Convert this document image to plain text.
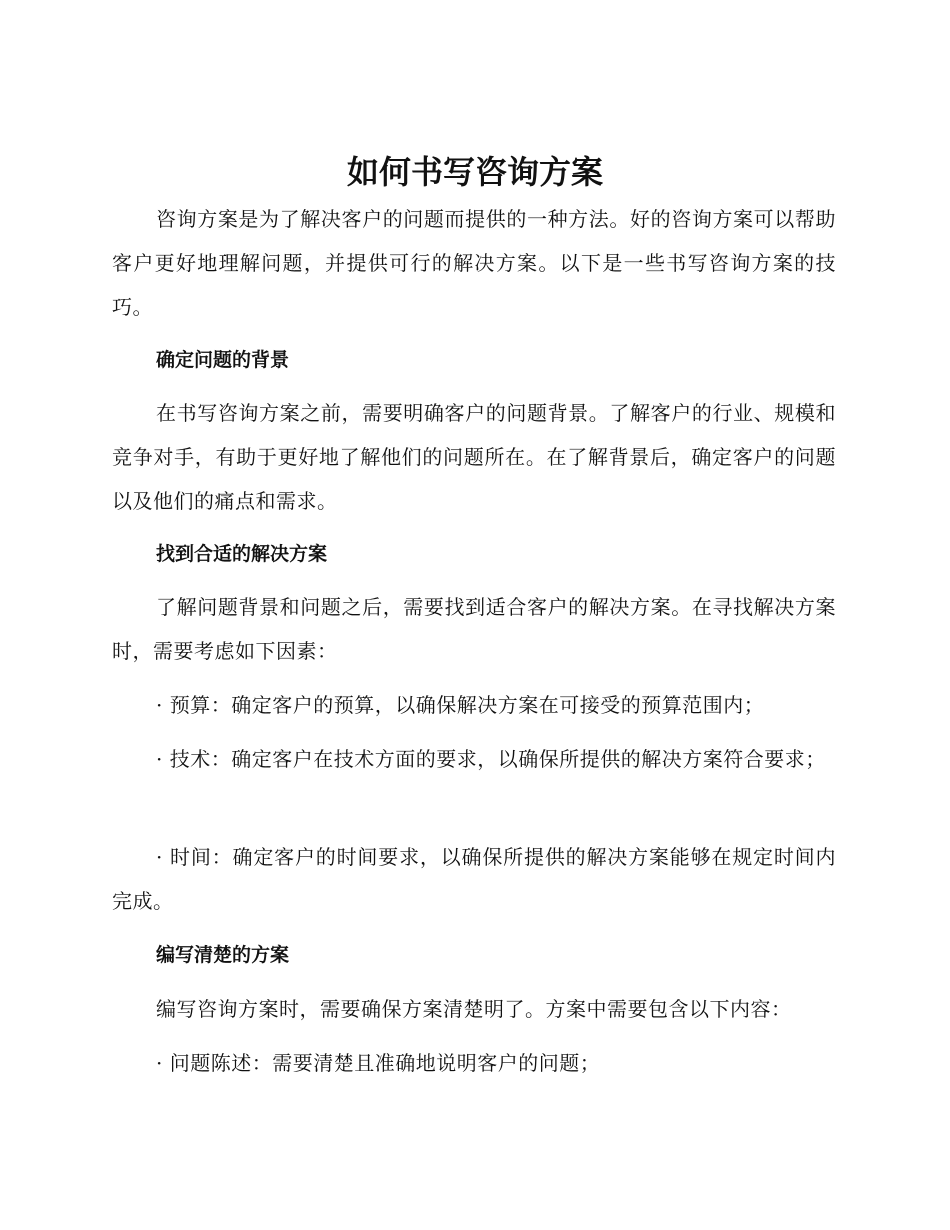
如何书写咨询方案

咨询方案是为了解决客户的问题而提供的一种方法。好的咨询方案可以帮助客户更好地理解问题，并提供可行的解决方案。以下是一些书写咨询方案的技巧。

确定问题的背景

在书写咨询方案之前，需要明确客户的问题背景。了解客户的行业、规模和竞争对手，有助于更好地了解他们的问题所在。在了解背景后，确定客户的问题以及他们的痛点和需求。

找到合适的解决方案

了解问题背景和问题之后，需要找到适合客户的解决方案。在寻找解决方案时，需要考虑如下因素：

· 预算：确定客户的预算，以确保解决方案在可接受的预算范围内；

· 技术：确定客户在技术方面的要求，以确保所提供的解决方案符合要求；

· 时间：确定客户的时间要求，以确保所提供的解决方案能够在规定时间内完成。

编写清楚的方案

编写咨询方案时，需要确保方案清楚明了。方案中需要包含以下内容：

· 问题陈述：需要清楚且准确地说明客户的问题；
